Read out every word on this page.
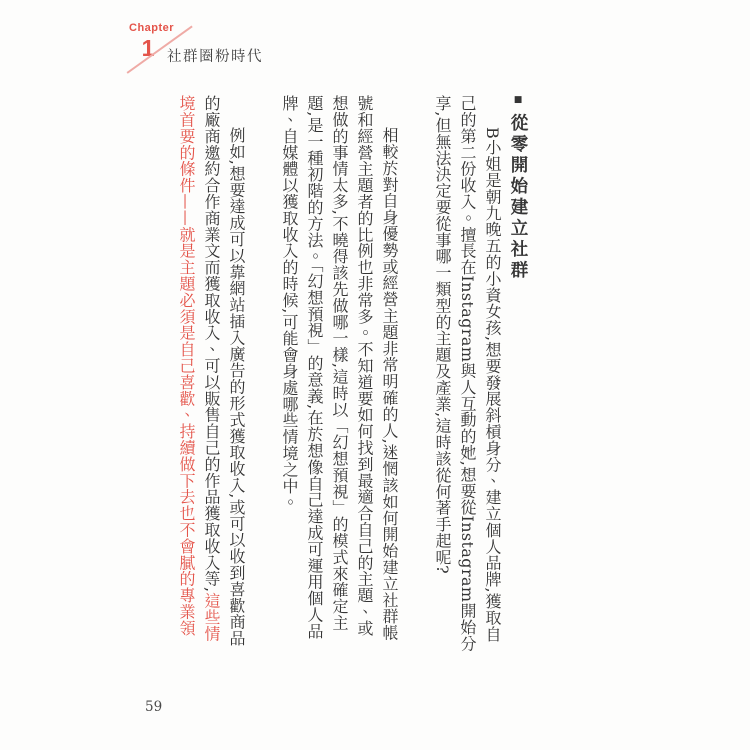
Chapter
1 社群圈粉時代
■從零開始建立社群

B小姐是朝九晚五的小資女孩,想要發展斜槓身分、建立個人品牌,獲取自己的第二份收入。擅長在Instagram與人互動的她,想要從Instagram開始分享,但無法決定要從事哪一類型的主題及產業,這時該從何著手起呢?

相較於對自身優勢或經營主題非常明確的人,迷惘該如何開始建立社群帳號和經營主題者的比例也非常多。不知道要如何找到最適合自己的主題、或想做的事情太多,不曉得該先做哪一樣,這時以「幻想預視」的模式來確定主題,是一種初階的方法。「幻想預視」的意義,在於想像自己達成可運用個人品牌、自媒體以獲取收入的時候,可能會身處哪些情境之中。

例如,想要達成可以靠網站插入廣告的形式獲取收入,或可以收到喜歡商品的廠商邀約合作商業文而獲取收入、可以販售自己的作品獲取收入等,這些情境首要的條件——就是主題必須是自己喜歡、持續做下去也不會膩的專業領

59
